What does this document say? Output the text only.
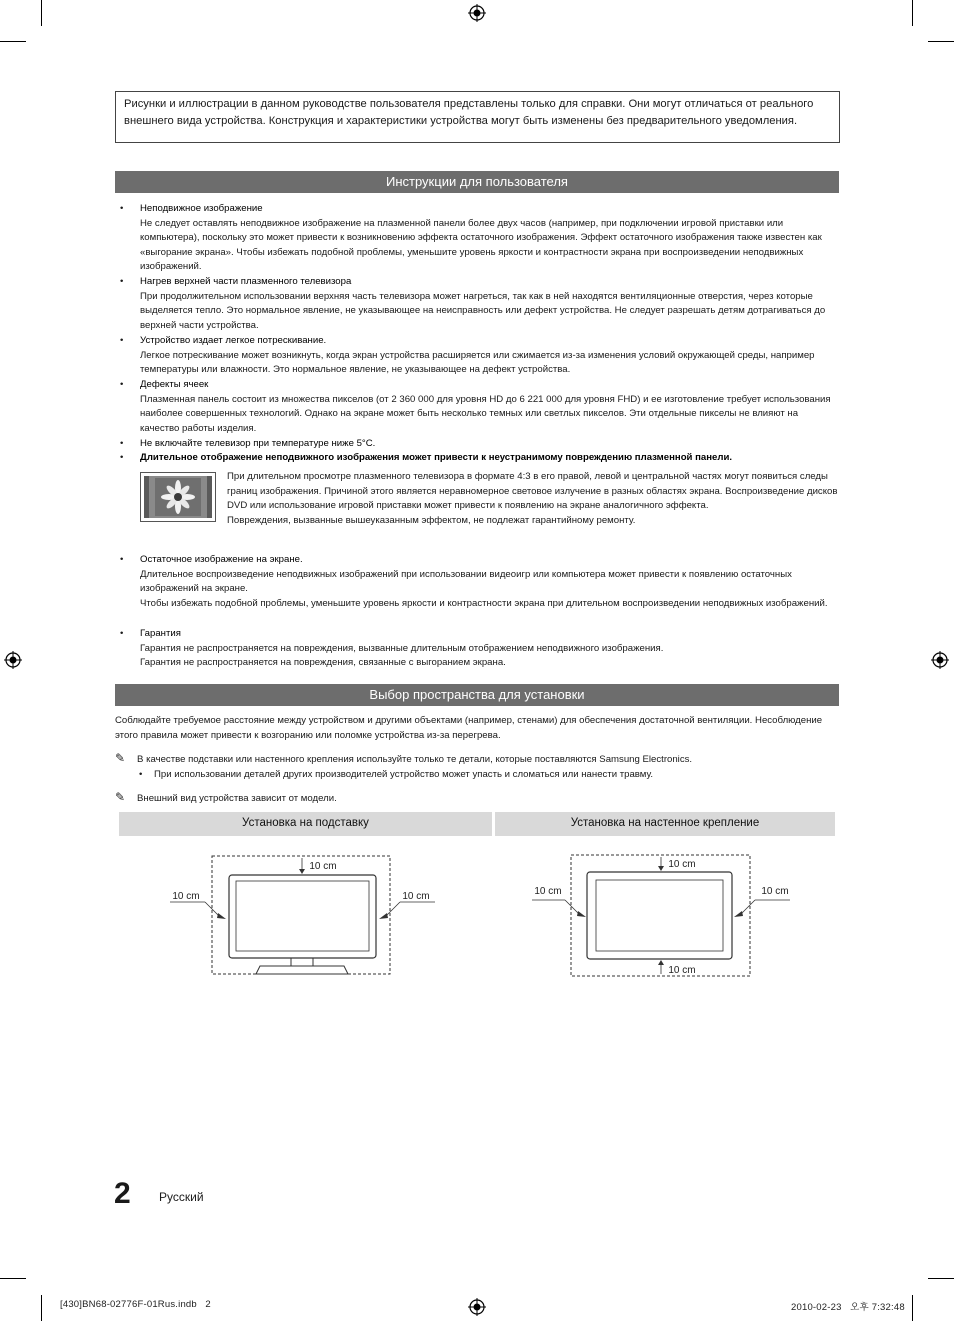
Рисунки и иллюстрации в данном руководстве пользователя представлены только для справки. Они могут отличаться от реального внешнего вида устройства. Конструкция и характеристики устройства могут быть изменены без предварительного уведомления.
Инструкции для пользователя
•	Неподвижное изображение
Не следует оставлять неподвижное изображение на плазменной панели более двух часов (например, при подключении игровой приставки или компьютера), поскольку это может привести к возникновению эффекта остаточного изображения. Эффект остаточного изображения также известен как «выгорание экрана». Чтобы избежать подобной проблемы, уменьшите уровень яркости и контрастности экрана при воспроизведении неподвижных изображений.
•	Нагрев верхней части плазменного телевизора
При продолжительном использовании верхняя часть телевизора может нагреться, так как в ней находятся вентиляционные отверстия, через которые выделяется тепло. Это нормальное явление, не указывающее на неисправность или дефект устройства. Не следует разрешать детям дотрагиваться до верхней части устройства.
•	Устройство издает легкое потрескивание.
Легкое потрескивание может возникнуть, когда экран устройства расширяется или сжимается из-за изменения условий окружающей среды, например температуры или влажности. Это нормальное явление, не указывающее на дефект устройства.
•	Дефекты ячеек
Плазменная панель состоит из множества пикселов (от 2 360 000 для уровня HD до 6 221 000 для уровня FHD) и ее изготовление требует использования наиболее совершенных технологий. Однако на экране может быть несколько темных или светлых пикселов. Эти отдельные пикселы не влияют на качество работы изделия.
•	Не включайте телевизор при температуре ниже 5°C.
•	Длительное отображение неподвижного изображения может привести к неустранимому повреждению плазменной панели.
При длительном просмотре плазменного телевизора в формате 4:3 в его правой, левой и центральной частях могут появиться следы границ изображения. Причиной этого является неравномерное световое излучение в разных областях экрана. Воспроизведение дисков DVD или использование игровой приставки может привести к появлению на экране аналогичного эффекта.
Повреждения, вызванные вышеуказанным эффектом, не подлежат гарантийному ремонту.
•	Остаточное изображение на экране.
Длительное воспроизведение неподвижных изображений при использовании видеоигр или компьютера может привести к появлению остаточных изображений на экране.
Чтобы избежать подобной проблемы, уменьшите уровень яркости и контрастности экрана при длительном воспроизведении неподвижных изображений.
•	Гарантия
Гарантия не распространяется на повреждения, вызванные длительным отображением неподвижного изображения.
Гарантия не распространяется на повреждения, связанные с выгоранием экрана.
Выбор пространства для установки
Соблюдайте требуемое расстояние между устройством и другими объектами (например, стенами) для обеспечения достаточной вентиляции. Несоблюдение этого правила может привести к возгоранию или поломке устройства из-за перегрева.
✎ В качестве подставки или настенного крепления используйте только те детали, которые поставляются Samsung Electronics.
• При использовании деталей других производителей устройство может упасть и сломаться или нанести травму.
✎ Внешний вид устройства зависит от модели.
Установка на подставку	Установка на настенное крепление
10 cm
10 cm	10 cm
10 cm
10 cm
10 cm	10 cm
2 Русский
[430]BN68-02776F-01Rus.indb   2	2010-02-23   오후 7:32:48
